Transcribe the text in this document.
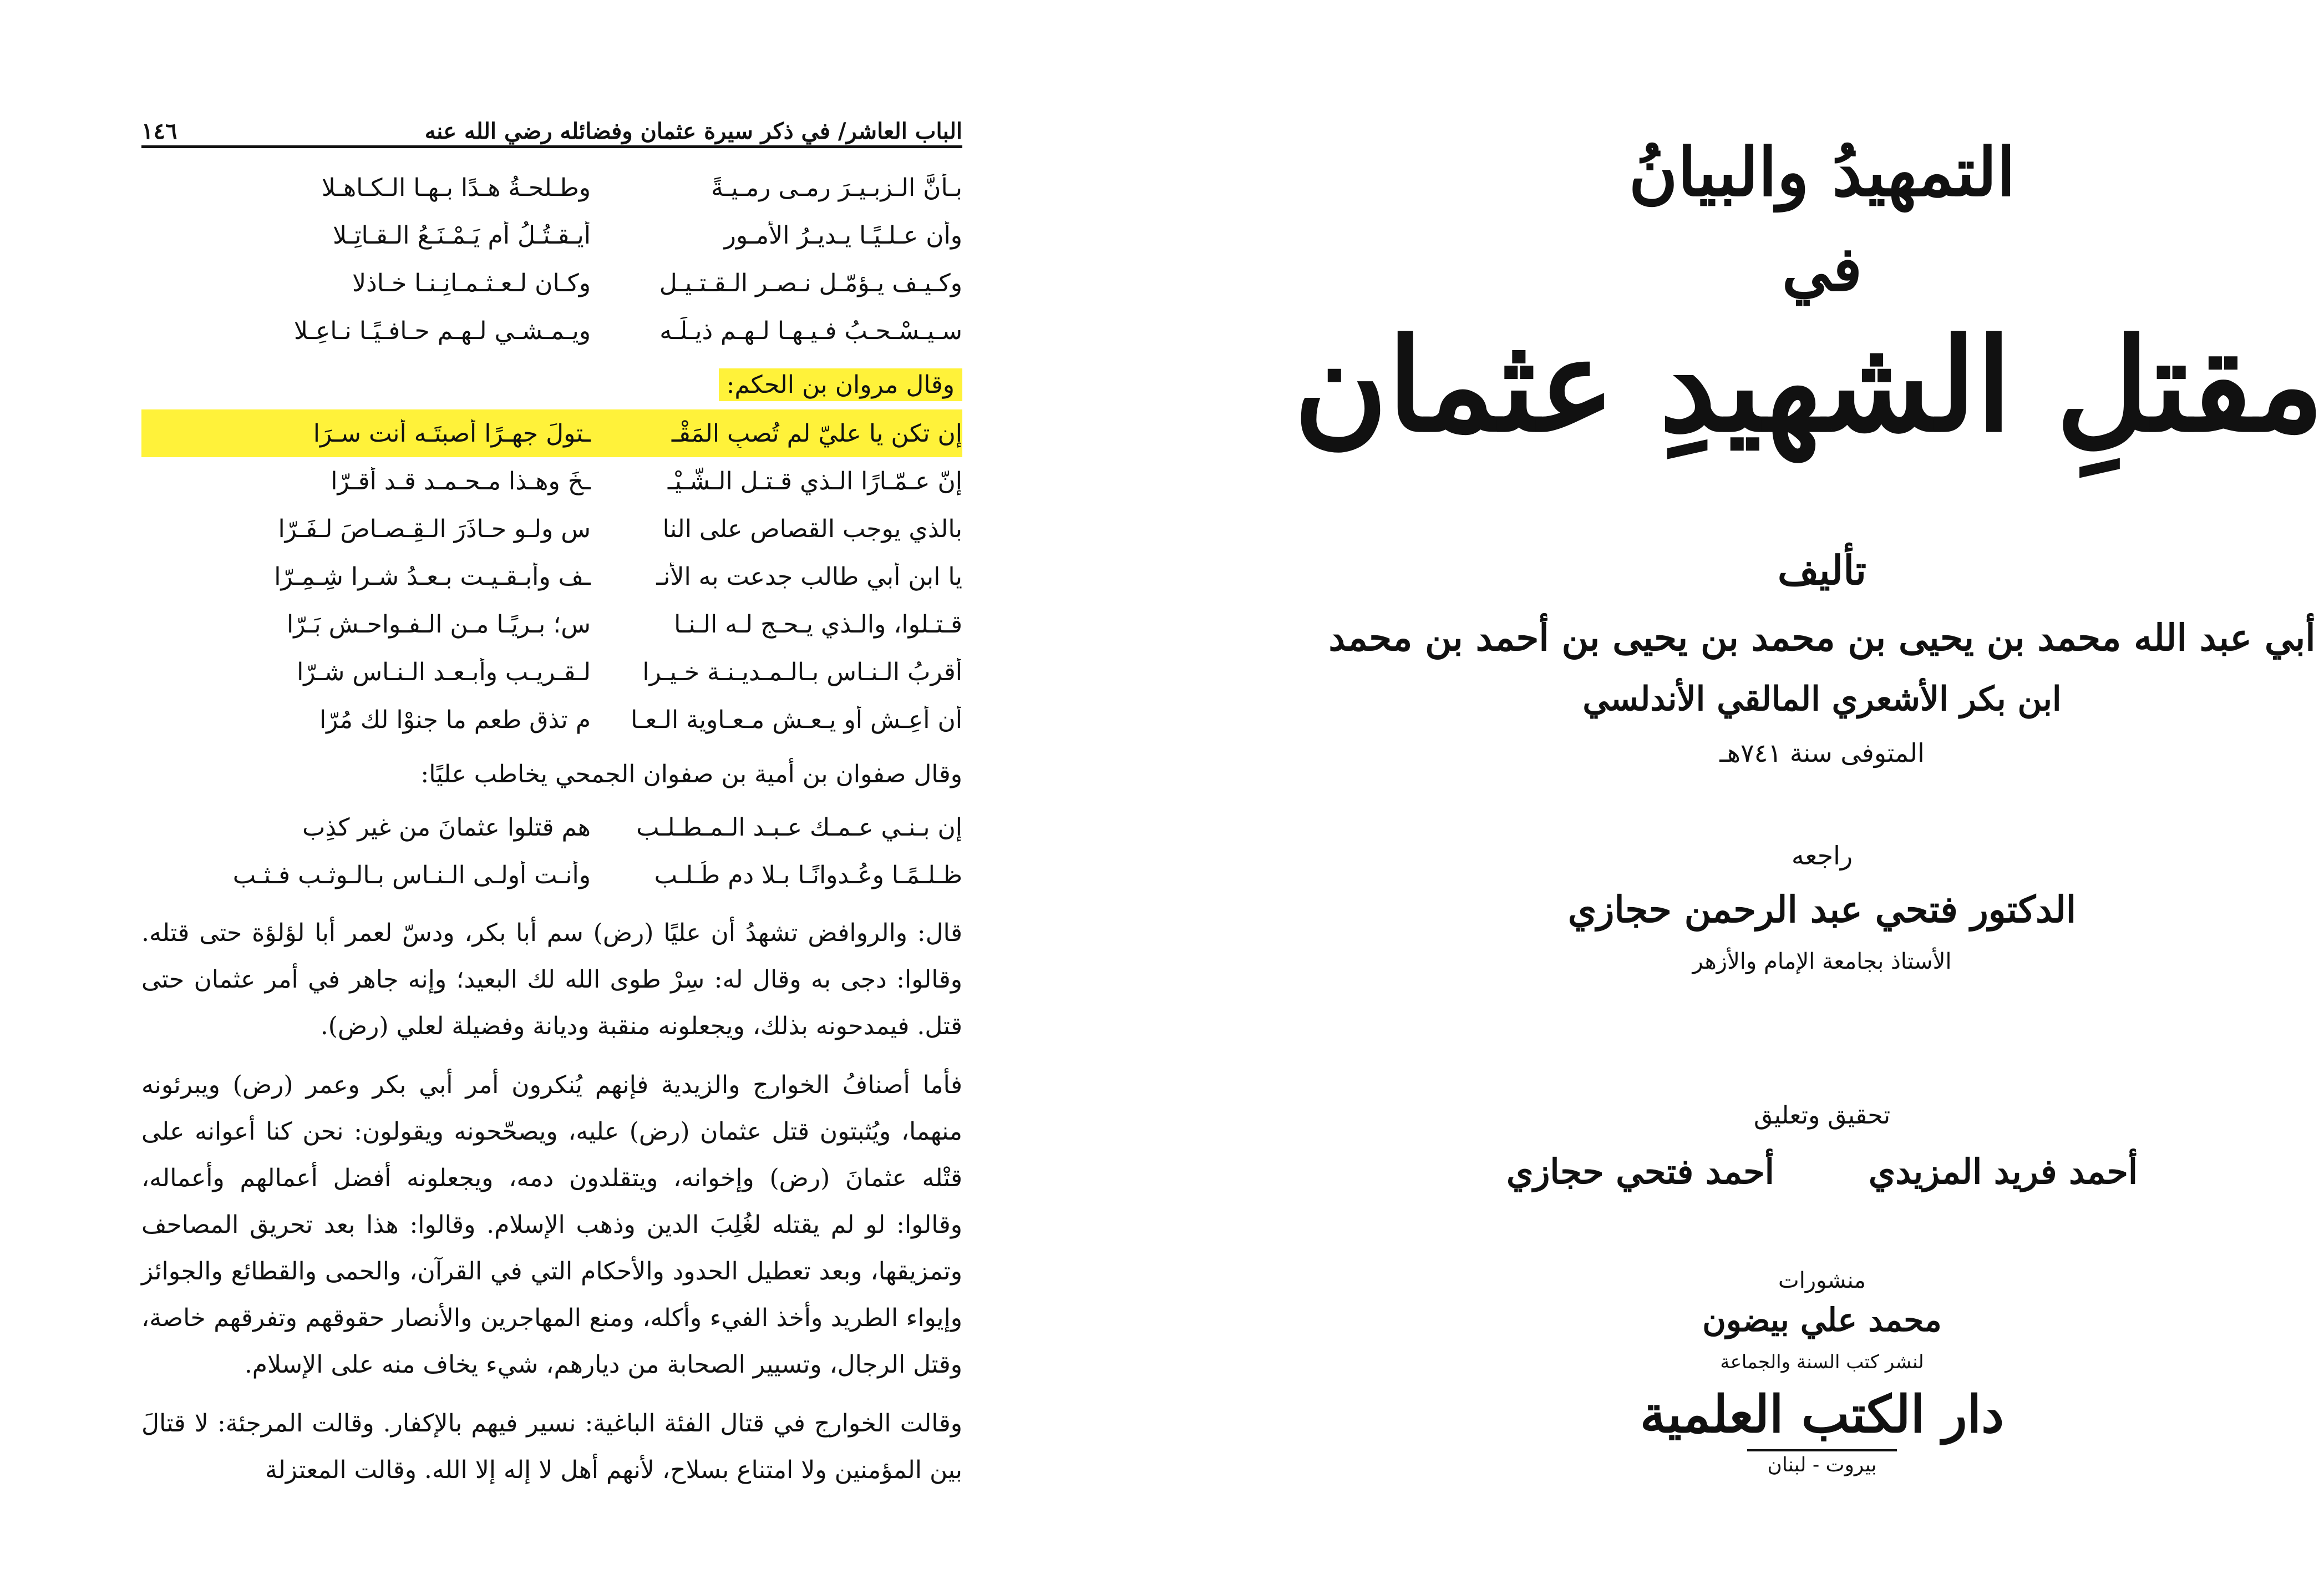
الباب العاشر/ في ذكر سيرة عثمان وفضائله رضي الله عنه
١٤٦
بـأنَّ الـزبـيـرَ رمـى رمـيـةً
وطـلحـةُ هـدًا بـهـا الـكـاهـلا
وأن عـلـيًـا يـديـرُ الأمـور
أيـقـتُـلُ أم يَـمْـنَـعُ الـقـاتِـلا
وكـيـف يـؤمّـل نـصـر الـقـتـيـل
وكـان لـعـثـمـانِـنـا خـاذلا
سـيـسْـحـبُ فـيـهـا لـهـم ذيـلَـه
ويـمـشـي لـهـم حـافـيًـا نـاعِـلا
وقال مروان بن الحكم:
إن تكن يا عليّ لم تُصبِ المَقْـ
ـتولَ جهـرًا أصبتَـه أنت سـرَا
إنّ عـمّـارًا الـذي قـتـل الـشّـيْـ
ـخَ وهـذا مـحـمـد قـد أقـرّا
بالذي يوجب القصاص على النا
س ولـو حـاذَرَ الـقِـصـاصَ لـفَـرّا
يا ابن أبي طالب جدعت به الأنـ
ـف وأبـقـيـت بـعـدُ شـرا شِـمِـرّا
قـتـلوا، والـذي يـحـج لـه الـنـا
س؛ بـريًـا مـن الـفـواحـش بَـرّا
أقربُ الـنـاس بـالـمـديـنـة خـيـرا
لـقـريـب وأبـعـد الـنـاس شـرّا
أن أعِـش أو يـعـش مـعـاوية الـعـا
م تذق طعم ما جنوْا لك مُرّا
وقال صفوان بن أمية بن صفوان الجمحي يخاطب عليًا:
إن بـنـي عـمـك عـبـد الـمـطـلـب
هم قتلوا عثمانَ من غير كذِب
ظـلـمًـا وعُـدوانًـا بـلا دم طُـلـب
وأنـت أولـى الـنـاس بـالـوثـب فـثـب

قال: والروافض تشهدُ أن عليًا (رض) سم أبا بكر، ودسّ لعمر أبا لؤلؤة حتى قتله. وقالوا: دجى به وقال له: سِرْ طوى الله لك البعيد؛ وإنه جاهر في أمر عثمان حتى قتل. فيمدحونه بذلك، ويجعلونه منقبة وديانة وفضيلة لعلي (رض).

فأما أصنافُ الخوارج والزيدية فإنهم يُنكرون أمر أبي بكر وعمر (رض) ويبرئونه منهما، ويُثبتون قتل عثمان (رض) عليه، ويصحّحونه ويقولون: نحن كنا أعوانه على قتْله عثمانَ (رض) وإخوانه، ويتقلدون دمه، ويجعلونه أفضل أعمالهم وأعماله، وقالوا: لو لم يقتله لغُلِبَ الدين وذهب الإسلام. وقالوا: هذا بعد تحريق المصاحف وتمزيقها، وبعد تعطيل الحدود والأحكام التي في القرآن، والحمى والقطائع والجوائز وإيواء الطريد وأخذ الفيء وأكله، ومنع المهاجرين والأنصار حقوقهم وتفرقهم خاصة، وقتل الرجال، وتسيير الصحابة من ديارهم، شيء يخاف منه على الإسلام.

وقالت الخوارج في قتال الفئة الباغية: نسير فيهم بالإكفار. وقالت المرجئة: لا قتالَ بين المؤمنين ولا امتناع بسلاح، لأنهم أهل لا إله إلا الله. وقالت المعتزلة

التمهيدُ والبيانُ
في
مقتلِ الشهيدِ عثمان
تأليف
أبي عبد الله محمد بن يحيى بن محمد بن يحيى بن أحمد بن محمد
ابن بكر الأشعري المالقي الأندلسي
المتوفى سنة ٧٤١هـ
راجعه
الدكتور فتحي عبد الرحمن حجازي
الأستاذ بجامعة الإمام والأزهر
تحقيق وتعليق
أحمد فريد المزيدي
أحمد فتحي حجازي
منشورات
محمد علي بيضون
لنشر كتب السنة والجماعة
دار الكتب العلمية
بيروت - لبنان
